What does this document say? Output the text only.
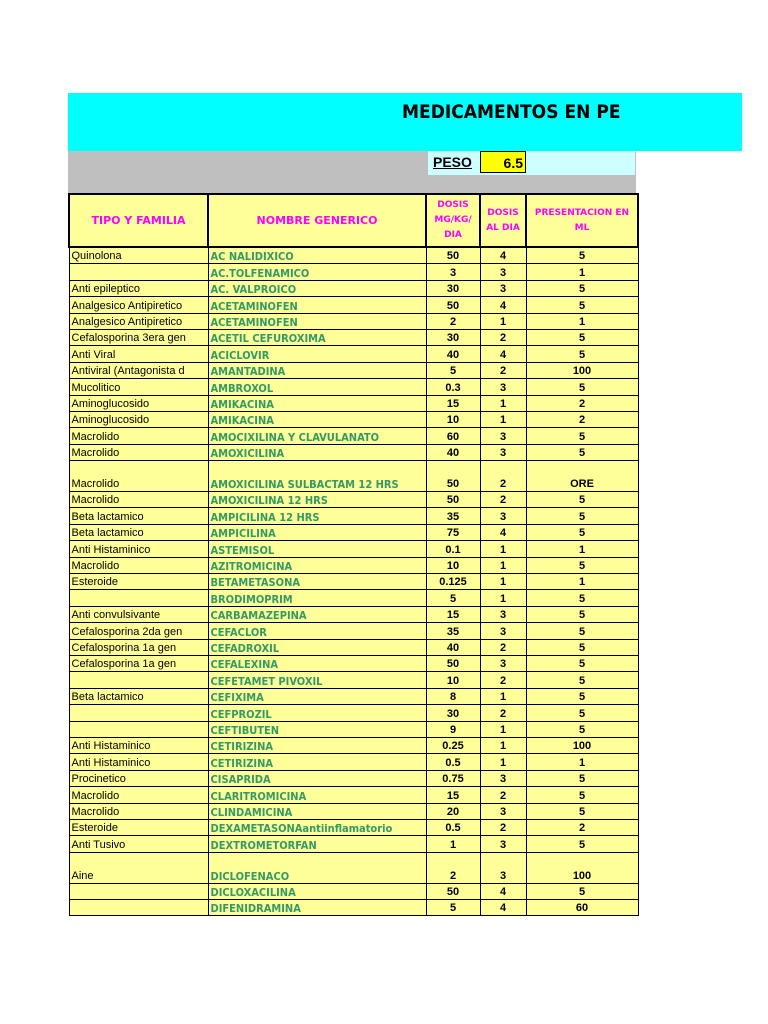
MEDICAMENTOS EN PE
PESO	6.5
TIPO Y FAMILIA	NOMBRE GENERICO	DOSIS MG/KG/ DIA	DOSIS AL DIA	PRESENTACION EN ML
Quinolona	AC NALIDIXICO	50	4	5
	AC.TOLFENAMICO	3	3	1
Anti epileptico	AC. VALPROICO	30	3	5
Analgesico Antipiretico	ACETAMINOFEN	50	4	5
Analgesico Antipiretico	ACETAMINOFEN	2	1	1
Cefalosporina 3era gen	ACETIL CEFUROXIMA	30	2	5
Anti Viral	ACICLOVIR	40	4	5
Antiviral (Antagonista d	AMANTADINA	5	2	100
Mucolitico	AMBROXOL	0.3	3	5
Aminoglucosido	AMIKACINA	15	1	2
Aminoglucosido	AMIKACINA	10	1	2
Macrolido	AMOCIXILINA Y CLAVULANATO	60	3	5
Macrolido	AMOXICILINA	40	3	5
Macrolido	AMOXICILINA SULBACTAM 12 HRS	50	2	ORE
Macrolido	AMOXICILINA 12 HRS	50	2	5
Beta lactamico	AMPICILINA 12 HRS	35	3	5
Beta lactamico	AMPICILINA	75	4	5
Anti Histaminico	ASTEMISOL	0.1	1	1
Macrolido	AZITROMICINA	10	1	5
Esteroide	BETAMETASONA	0.125	1	1
	BRODIMOPRIM	5	1	5
Anti convulsivante	CARBAMAZEPINA	15	3	5
Cefalosporina 2da gen	CEFACLOR	35	3	5
Cefalosporina 1a gen	CEFADROXIL	40	2	5
Cefalosporina 1a gen	CEFALEXINA	50	3	5
	CEFETAMET PIVOXIL	10	2	5
Beta lactamico	CEFIXIMA	8	1	5
	CEFPROZIL	30	2	5
	CEFTIBUTEN	9	1	5
Anti Histaminico	CETIRIZINA	0.25	1	100
Anti Histaminico	CETIRIZINA	0.5	1	1
Procinetico	CISAPRIDA	0.75	3	5
Macrolido	CLARITROMICINA	15	2	5
Macrolido	CLINDAMICINA	20	3	5
Esteroide	DEXAMETASONAantiinflamatorio	0.5	2	2
Anti Tusivo	DEXTROMETORFAN	1	3	5
Aine	DICLOFENACO	2	3	100
	DICLOXACILINA	50	4	5
	DIFENIDRAMINA	5	4	60
